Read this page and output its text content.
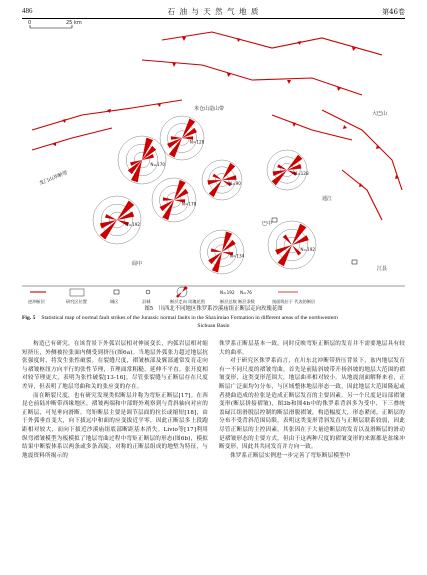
486	石 油 与 天 然 气 地 质	第46卷
0	25 km
米仓山造山带
龙门山冲断带
大巴山
巴中
通江
江县
阆中
N=170
N=128
N=192
N=178
N=90
N=134
N=192
N=128
逆冲断层	研究区位置	城区	县城	断层走向 玫瑰花图
N=192 N=76
断层总数 断层条数	剖面线位于 代表的断层
图5　川西北不同地区侏罗系沙溪庙组正断层走向玫瑰花图
Fig. 5 Statistical map of normal fault strikes of the Jurassic normal faults in the Shaximiao Formation in different areas of the northwestern
Sichuan Basin

构造已有研究，在该背景下外弧岩层相对伸展变长，内弧岩层相对缩短挤压，外侧被拉张面内侧受到挤压(图6a)。当地层外弧张力超过地层抗张强度时，将发生张性破裂。在裂缝尺度，褶皱核部及翼部通常发育走向与褶皱枢纽方向平行的张性节理，节理面常粗糙，延伸不平直，张开度相对较节理更大，表明为张性破裂[13-16]。尽管张裂缝与正断层存在尺度差异，但表明了地层弯曲和关的张应变的存在。

而在断裂尺度，也有研究发现类似断层并称为弯矩正断层[17]。在西昆仑前陆冲断带西缘地区，褶皱两端和中部野外观察到与背斜轴向对应的正断层，可见垂向滑断。弯矩断层主要是调节层面的拉长或缩短[18]，由于外弧垂直变大，向下拔远中和面的应变拔近平零，因此正断层多上段跑距相对较大，而向下拔近沙溪庙组底部断距基本消失。Livio等[17]利用纵弯褶皱模型为板模拟了地层弯曲过程中弯矩正断层的形态(图6b)，模拟结果中断裂体系以两条或多条高陡、对称的正断层组成的地堑为特征，与地震资料所揭示的

侏罗系正断层基本一致。同时反映弯矩正断层的发育并不需要地层具有较大的曲率。

对于研究区侏罗系而言，在川东北冲断带挤压背景下，盆内地层发育有一不同尺度的褶皱弯曲，首先是前陆斜坡带开扬斜坡的地层大范围的褶皱变形，这类变形范围大，地层曲率相对较小。从地震剖面解释来看，正断层广泛面均匀分布，与区域整体地层形态一致，因此地层大范围隆起或者挠曲造成的拉张是造成正断层发育的主要因素。另一个尺度是局部褶皱变形(断层拼接褶皱)，图3b和图4b中的侏罗系背斜多为受中、下三叠统盖碌江组滑脱层控制的断层滑脱褶皱，构造幅度大，形态紧闭，正断层的分布不受背斜范围局限，表明这类变形背斜发育与正断层联系较弱，因此尽管正断层的主控因素，其张因在于大量逆断层的发育以及滑断层的滑动是褶皱形态的主要方式。但由于这两种尺度的褶皱变形的来源都是盆缘冲断变形，因此其共同发育并方向一致。

侏罗系正断层实例进一步完善了弯矩断层模型中
